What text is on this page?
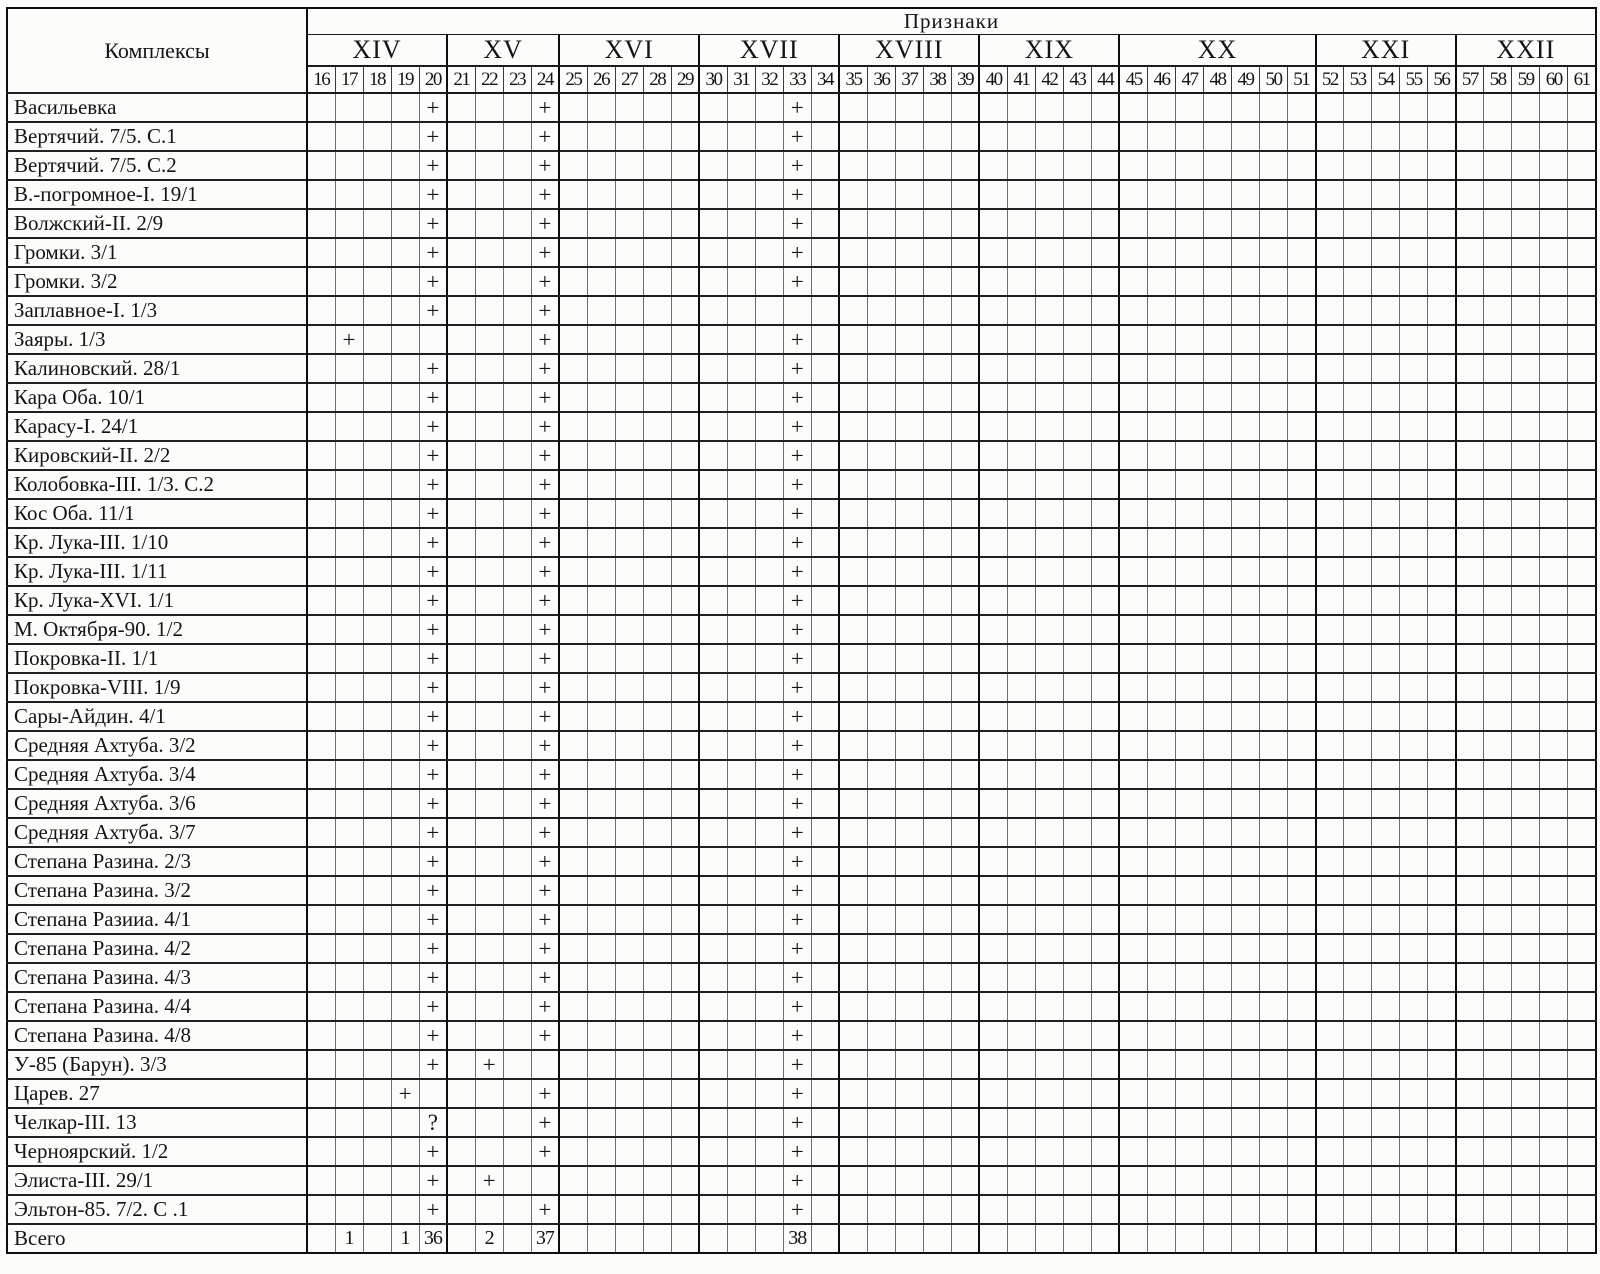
Комплексы	Признаки																																													
	XIV					XV				XVI					XVII					XVIII					XIX					XX							XXI					XXII				
	16	17	18	19	20	21	22	23	24	25	26	27	28	29	30	31	32	33	34	35	36	37	38	39	40	41	42	43	44	45	46	47	48	49	50	51	52	53	54	55	56	57	58	59	60	61
Васильевка					+				+									+																												
Вертячий. 7/5. С.1					+				+									+																												
Вертячий. 7/5. С.2					+				+									+																												
В.-погромное-I. 19/1					+				+									+																												
Волжский-II. 2/9					+				+									+																												
Громки. 3/1					+				+									+																												
Громки. 3/2					+				+									+																												
Заплавное-I. 1/3					+				+																																					
Заяры. 1/3		+							+									+																												
Калиновский. 28/1					+				+									+																												
Кара Оба. 10/1					+				+									+																												
Карасу-I. 24/1					+				+									+																												
Кировский-II. 2/2					+				+									+																												
Колобовка-III. 1/3. С.2					+				+									+																												
Кос Оба. 11/1					+				+									+																												
Кр. Лука-III. 1/10					+				+									+																												
Кр. Лука-III. 1/11					+				+									+																												
Кр. Лука-XVI. 1/1					+				+									+																												
М. Октября-90. 1/2					+				+									+																												
Покровка-II. 1/1					+				+									+																												
Покровка-VIII. 1/9					+				+									+																												
Сары-Айдин. 4/1					+				+									+																												
Средняя Ахтуба. 3/2					+				+									+																												
Средняя Ахтуба. 3/4					+				+									+																												
Средняя Ахтуба. 3/6					+				+									+																												
Средняя Ахтуба. 3/7					+				+									+																												
Степана Разина. 2/3					+				+									+																												
Степана Разина. 3/2					+				+									+																												
Степана Разииа. 4/1					+				+									+																												
Степана Разина. 4/2					+				+									+																												
Степана Разина. 4/3					+				+									+																												
Степана Разина. 4/4					+				+									+																												
Степана Разина. 4/8					+				+									+																												
У-85 (Барун). 3/3					+		+											+																												
Царев. 27				+					+									+																												
Челкар-III. 13					?				+									+																												
Черноярский. 1/2					+				+									+																												
Элиста-III. 29/1					+		+											+																												
Эльтон-85. 7/2. С .1					+				+									+																												
Всего		1		1	36		2		37									38																												
